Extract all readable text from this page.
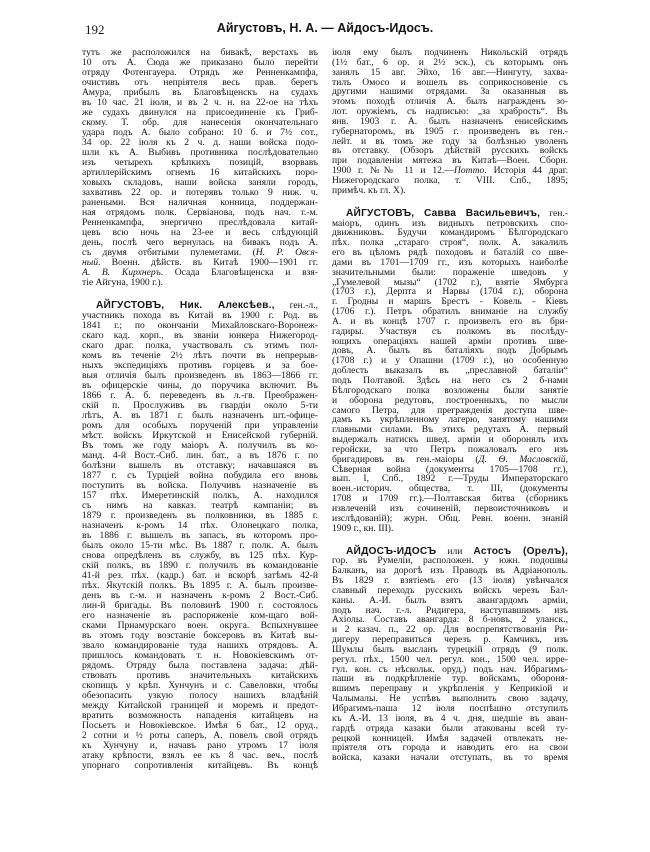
192	Айгустовъ, Н. А. — Айдосъ-Идосъ.
тутъ же расположился на бивакѣ, верстахъ въ
10 отъ А. Сюда же приказано было перейти
отряду Фотенгауера. Отрядъ же Ренненкампфа,
очистивъ отъ непріятеля весь прав. берегъ
Амура, прибылъ въ Благовѣщенскъ на судахъ
въ 10 час. 21 іюля, и въ 2 ч. н. на 22-ое на тѣхъ
же судахъ двинулся на присоединеніе къ Гриб-
скому. Т. обр. для нанесенія окончательнаго
удара подъ А. было собрано: 10 б. и 7½ сот.,
34 ор. 22 іюля къ 2 ч. д. наши войска подо-
шли къ А. Выбивъ противника послѣдовательно
изъ четырехъ крѣпкихъ позицій, взорвавъ
артиллерійскимъ огнемъ 16 китайскихъ поро-
ховыхъ складовъ, наши войска заняли городъ,
захвативъ 22 ор. и потерявъ только 9 ниж. ч.
ранеными. Вся наличная конница, поддержан-
ная отрядомъ полк. Сервіанова, подъ нач. г.-м.
Ренненкампфа, энергично преслѣдовала китай-
цевъ всю ночь на 23-ее и весь слѣдующій
день, послѣ чего вернулась на бивакъ подъ А.
съ двумя отбитыми пулеметами. (Н. Р. Овся-
ный. Военн. дѣйств. въ Китаѣ 1900—1901 гг.
А. В. Кирхнеръ. Осада Благовѣщенска и взя-
тіе Айгуна, 1900 г.).
АЙГУСТОВЪ, Ник. Алексѣев., ген.-л.,
участникъ похода въ Китай въ 1900 г. Род. въ
1841 г.; по окончаніи Михайловскаго-Воронеж-
скаго кад. корп., въ званіи юнкера Нижегород-
скаго драг. полка, участвовалъ съ этимъ пол-
комъ въ теченіе 2½ лѣтъ почти въ непрерыв-
ныхъ экспедиціяхъ противъ горцевъ и за бое-
выя отличія былъ произведенъ въ 1863—1866 гг.
въ офицерскіе чины, до поручика включит. Въ
1866 г. А. б. переведенъ въ л.-гв. Преображен-
скій п. Прослуживъ въ гвардіи около 5-ти
лѣтъ, А. въ 1871 г. былъ назначенъ шт.-офице-
ромъ для особыхъ порученій при управленіи
мѣст. войскъ Иркутской и Енисейской губерній.
Въ томъ же году маіоръ А. получилъ въ ко-
манд. 4-й Вост.-Сиб. лин. бат., а въ 1876 г. по
болѣзни вышелъ въ отставку; начавшаяся въ
1877 г. съ Турціей война побудила его вновь
поступить въ войска. Получивъ назначеніе въ
157 пѣх. Имеретинскій полкъ, А. находился
съ нимъ на кавказ. театрѣ кампаніи; въ
1879 г. произведенъ въ полковники, въ 1885 г.
назначенъ к-ромъ 14 пѣх. Олонецкаго полка,
въ 1886 г. вышелъ въ запасъ, въ которомъ про-
былъ около 15-ти мѣс. Въ 1887 г. полк. А. былъ
снова опредѣленъ въ службу, въ 125 пѣх. Кур-
скій полкъ, въ 1890 г. получилъ въ командованіе
41-й рез. пѣх. (кадр.) бат. и вскорѣ затѣмъ 42-й
пѣх. Якутскій полкъ. Въ 1895 г. А. былъ произве-
денъ въ г.-м. и назначенъ к-ромъ 2 Вост.-Сиб.
лин-й бригады. Въ половинѣ 1900 г. состоялось
его назначеніе въ распоряженіе ком-щаго вой-
сками Приамурскаго воен. округа. Вспыхнувшее
въ этомъ году возстаніе боксеровъ въ Китаѣ вы-
звало командированіе туда нашихъ отрядовъ. А.
пришлось командовать т. н. Новокіевскимъ от-
рядомъ. Отряду была поставлена задача: дѣй-
ствовать противъ значительныхъ китайскихъ
скопищъ у крѣп. Хунчунъ и с. Савеловки, чтобы
обезопасить узкую полосу нашихъ владѣній
между Китайской границей и моремъ и предот-
вратить возможность нападенія китайцевъ на
Посьетъ и Новокіевское. Имѣя 6 бат., 12 оруд.,
2 сотни и ½ роты саперъ, А. повелъ свой отрядъ
къ Хунчуну и, начавъ рано утромъ 17 іюля
атаку крѣпости, взялъ ее къ 8 час. веч., послѣ
упорнаго сопротивленія китайцевъ. Въ концѣ
іюля ему былъ подчиненъ Никольскій отрядъ
(1½ бат., 6 ор. и 2½ эск.), съ которымъ онъ
занялъ 15 авг. Эйхо, 16 авг.—Нингуту, захва-
тилъ Омосо и вошелъ въ соприкосновеніе съ
другими нашими отрядами. За оказанныя въ
этомъ походѣ отличія А. былъ награжденъ зо-
лот. оружіемъ, съ надписью: „за храбрость“. Въ
янв. 1903 г. А. былъ назначенъ енисейскимъ
губернаторомъ, въ 1905 г. произведенъ въ ген.-
лейт. и въ томъ же году за болѣзнью уволенъ
въ отставку. (Обзоръ дѣйствій русскихъ войскъ
при подавленіи мятежа въ Китаѣ—Воен. Сборн.
1900 г. №№ 11 и 12.—Потто. Исторія 44 драг.
Нижегородскаго полка, т. VIII. Спб., 1895;
примѣч. къ гл. X).
АЙГУСТОВЪ, Савва Васильевичъ, ген.-
маіоръ, одинъ изъ видныхъ петровскихъ спо-
движниковъ. Будучи командиромъ Бѣлгородскаго
пѣх. полка „стараго строя“, полк. А. закалилъ
его въ цѣломъ рядѣ походовъ и баталій со шве-
дами въ 1701—1709 гг., изъ которыхъ наиболѣе
значительными были: пораженіе шведовъ у
„Гумелевой мызы“ (1702 г.), взятіе Ямбурга
(1703 г.), Дерпта и Нарвы (1704 г.), оборона
г. Гродны и маршъ Брестъ - Ковель - Кіевъ
(1706 г.). Петръ обратилъ вниманіе на службу
А. и въ концѣ 1707 г. произвелъ его въ бри-
гадиры. Участвуя съ полкомъ въ послѣду-
ющихъ операціяхъ нашей арміи противъ шве-
довъ, А. былъ въ баталіяхъ подъ Добрымъ
(1708 г.) и у Опашни (1709 г.), но особенную
доблесть выказалъ въ „преславной баталіи“
подъ Полтавой. Здѣсь на него съ 2 б-нами
Бѣлгородскаго полка возложены были занятіе
и оборона редутовъ, построенныхъ, по мысли
самого Петра, для прегражденія доступа шве-
дамъ къ укрѣпленному лагерю, занятому нашими
главными силами. Въ этихъ редутахъ А. первый
выдержалъ натискъ швед. арміи и оборонялъ ихъ
геройски, за что Петръ пожаловалъ его изъ
бригадировъ въ ген.-маіоры (Д. Ѳ. Масловскій,
Сѣверная война (документы 1705—1708 гг.),
вып. I, Спб., 1892 г.—Труды Императорскаго
воен.-историч. общества, т. III, (документы
1708 и 1709 гг.).—Полтавская битва (сборникъ
извлеченій изъ сочиненій, первоисточниковъ и
изслѣдованій); журн. Общ. Ревн. военн. знаній
1909 г., кн. III).
АЙДОСЪ-ИДОСЪ или Астосъ (Орелъ),
гор. въ Румеліи, расположен. у южн. подошвы
Балканъ, на дорогѣ изъ Праводъ въ Адріанополь.
Въ 1829 г. взятіемъ его (13 іюля) увѣнчался
славный переходъ русскихъ войскъ черезъ Бал-
каны. А.-И. былъ взятъ авангардомъ арміи,
подъ нач. г.-л. Ридигера, наступавшимъ изъ
Ахіолы. Составъ авангарда: 8 б-новъ, 2 уланск.,
и 2 казач. п., 22 ор. Для воспрепятствованія Ри-
дигеру переправиться черезъ р. Камчикъ, изъ
Шумлы былъ высланъ турецкій отрядъ (9 полк.
регул. пѣх., 1500 чел. регул. кон., 1500 чел. ирре-
гул. кон. съ нѣскольк. оруд.) подъ нач. Ибрагимъ-
паши въ подкрѣпленіе тур. войскамъ, обороня-
вшимъ переправу и укрѣпленія у Кеприкіой и
Чалымалы. Не успѣвъ выполнить свою задачу,
Ибрагимъ-паша 12 іюля поспѣшно отступилъ
къ А.-И. 13 іюля, въ 4 ч. дня, шедшіе въ аван-
гардѣ отряда казаки были атакованы всей ту-
рецкой конницей. Имѣя задачей отвлекать не-
пріятеля отъ города и наводить его на свои
войска, казаки начали отступать, въ то время
